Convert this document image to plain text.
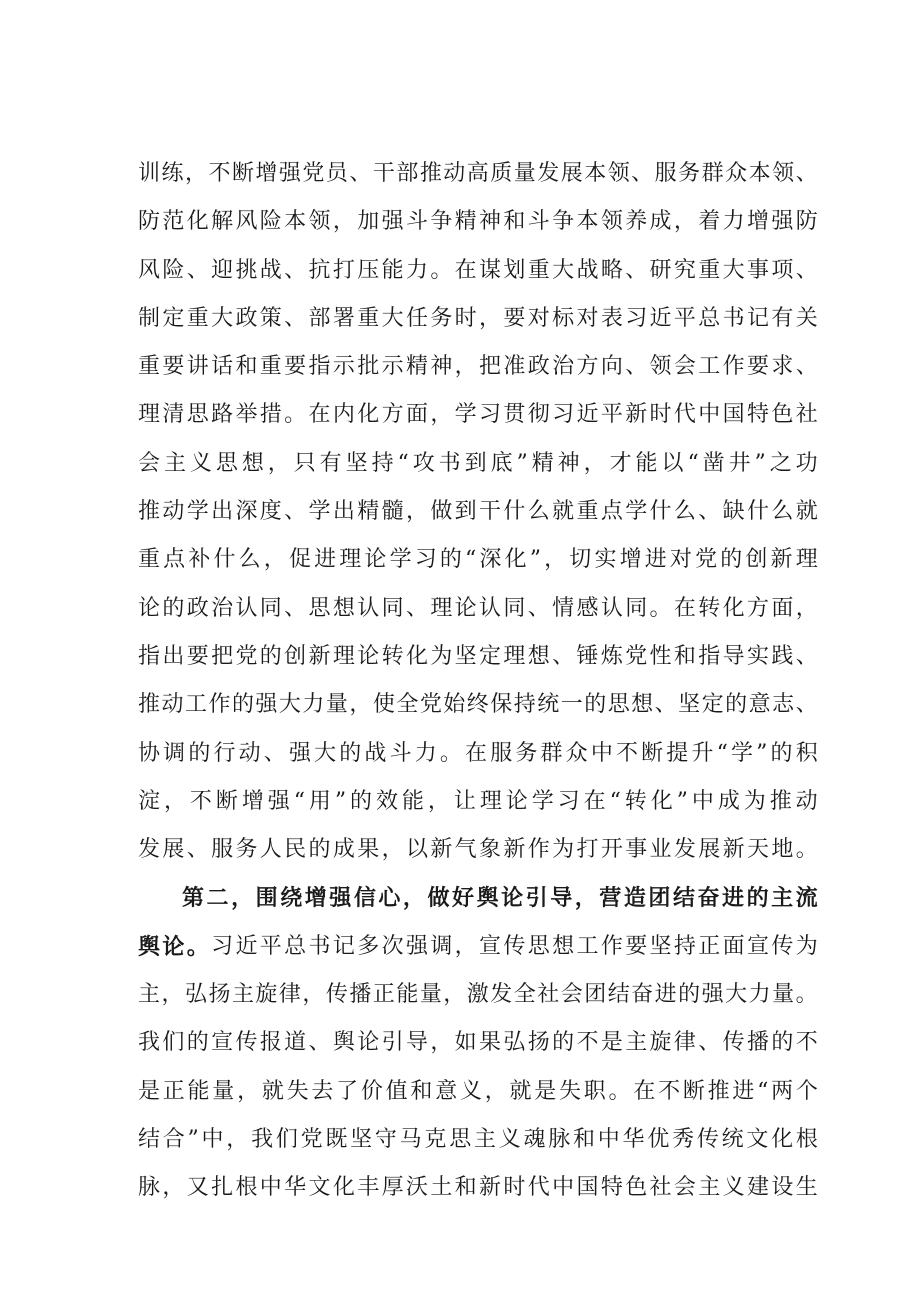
训 练 ， 不 断 增 强 党 员 、 干 部 推 动 高 质 量 发 展 本 领 、 服 务 群 众 本 领 、
防 范 化 解 风 险 本 领 ， 加 强 斗 争 精 神 和 斗 争 本 领 养 成 ， 着 力 增 强 防
风 险 、 迎 挑 战 、 抗 打 压 能 力 。 在 谋 划 重 大 战 略 、 研 究 重 大 事 项 、
制 定 重 大 政 策 、 部 署 重 大 任 务 时 ， 要 对 标 对 表 习 近 平 总 书 记 有 关
重 要 讲 话 和 重 要 指 示 批 示 精 神 ， 把 准 政 治 方 向 、 领 会 工 作 要 求 、
理 清 思 路 举 措 。 在 内 化 方 面 ， 学 习 贯 彻 习 近 平 新 时 代 中 国 特 色 社
会 主 义 思 想 ， 只 有 坚 持 “ 攻 书 到 底 ” 精 神 ， 才 能 以 “ 凿 井 ” 之 功
推 动 学 出 深 度 、 学 出 精 髓 ， 做 到 干 什 么 就 重 点 学 什 么 、 缺 什 么 就
重 点 补 什 么 ， 促 进 理 论 学 习 的 “ 深 化 ” ， 切 实 增 进 对 党 的 创 新 理
论 的 政 治 认 同 、 思 想 认 同 、 理 论 认 同 、 情 感 认 同 。 在 转 化 方 面 ，
指 出 要 把 党 的 创 新 理 论 转 化 为 坚 定 理 想 、 锤 炼 党 性 和 指 导 实 践 、
推 动 工 作 的 强 大 力 量 ， 使 全 党 始 终 保 持 统 一 的 思 想 、 坚 定 的 意 志 、
协 调 的 行 动 、 强 大 的 战 斗 力 。 在 服 务 群 众 中 不 断 提 升 “ 学 ” 的 积
淀 ， 不 断 增 强 “ 用 ” 的 效 能 ， 让 理 论 学 习 在 “ 转 化 ” 中 成 为 推 动
发 展 、 服 务 人 民 的 成 果 ， 以 新 气 象 新 作 为 打 开 事 业 发 展 新 天 地 。
第 二 ， 围 绕 增 强 信 心 ， 做 好 舆 论 引 导 ， 营 造 团 结 奋 进 的 主 流
舆 论 。 习 近 平 总 书 记 多 次 强 调 ， 宣 传 思 想 工 作 要 坚 持 正 面 宣 传 为
主 ， 弘 扬 主 旋 律 ， 传 播 正 能 量 ， 激 发 全 社 会 团 结 奋 进 的 强 大 力 量 。
我 们 的 宣 传 报 道 、 舆 论 引 导 ， 如 果 弘 扬 的 不 是 主 旋 律 、 传 播 的 不
是 正 能 量 ， 就 失 去 了 价 值 和 意 义 ， 就 是 失 职 。 在 不 断 推 进 “ 两 个
结 合 ” 中 ， 我 们 党 既 坚 守 马 克 思 主 义 魂 脉 和 中 华 优 秀 传 统 文 化 根
脉 ， 又 扎 根 中 华 文 化 丰 厚 沃 土 和 新 时 代 中 国 特 色 社 会 主 义 建 设 生
